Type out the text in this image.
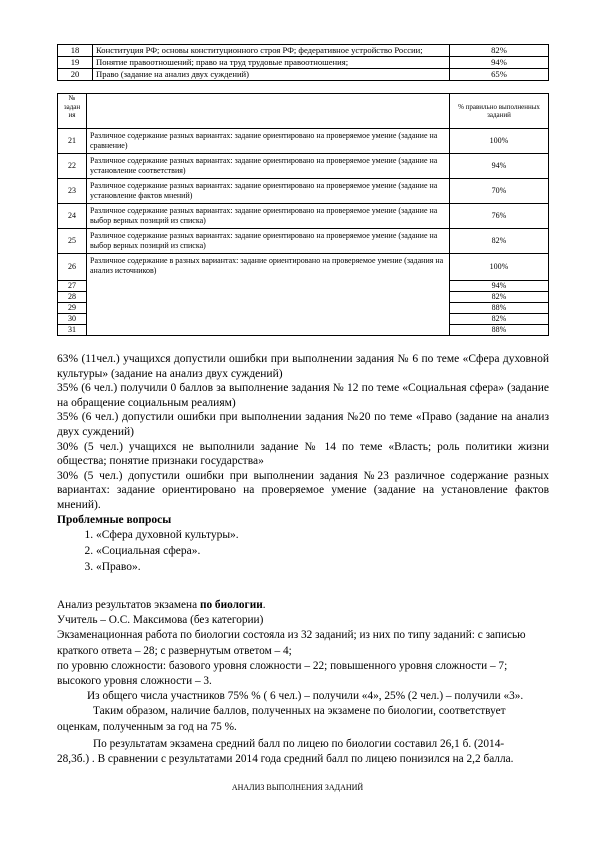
18	Конституция РФ; основы конституционного строя РФ; федеративное устройство России;	82%
19	Понятие правоотношений; право на труд трудовые правоотношения;	94%
20	Право (задание на анализ двух суждений)	65%
№ задан ия		% правильно выполненных заданий
21	Различное содержание разных вариантах: задание ориентировано на проверяемое умение (задание на сравнение)	100%
22	Различное содержание разных вариантах: задание ориентировано на проверяемое умение (задание на установление соответствия)	94%
23	Различное содержание разных вариантах: задание ориентировано на проверяемое умение (задание на установление фактов мнений)	70%
24	Различное содержание разных вариантах: задание ориентировано на проверяемое умение (задание на выбор верных позиций из списка)	76%
25	Различное содержание разных вариантах: задание ориентировано на проверяемое умение (задание на выбор верных позиций из списка)	82%
26	Различное содержание в разных вариантах: задание ориентировано на проверяемое умение (задания на анализ источников)	100%
27		94%
28		82%
29		88%
30		82%
31		88%

63% (11чел.) учащихся допустили ошибки при выполнении задания № 6 по теме «Сфера духовной культуры» (задание на анализ двух суждений)

35% (6 чел.) получили 0 баллов за выполнение задания № 12 по теме «Социальная сфера» (задание на обращение социальным реалиям)

35% (6 чел.) допустили ошибки при выполнении задания №20 по теме «Право (задание на анализ двух суждений)

30% (5 чел.) учащихся не выполнили задание № 14 по теме «Власть; роль политики жизни общества; понятие признаки государства»

30% (5 чел.) допустили ошибки при выполнении задания №23 различное содержание разных вариантах: задание ориентировано на проверяемое умение (задание на установление фактов мнений).

Проблемные вопросы

1. «Сфера духовной культуры».
2. «Социальная сфера».
3. «Право».

Анализ результатов экзамена по биологии.

Учитель – О.С. Максимова (без категории)

Экзаменационная работа по биологии состояла из 32 заданий; из них по типу заданий: с записью

краткого ответа – 28; с развернутым ответом – 4;

по уровню сложности: базового уровня сложности – 22; повышенного уровня сложности – 7;

высокого уровня сложности – 3.

Из общего числа участников 75% % ( 6 чел.) – получили «4», 25% (2 чел.) – получили «3».

Таким образом, наличие баллов, полученных на экзамене по биологии, соответствует

оценкам, полученным за год на 75 %.

По результатам экзамена средний балл по лицею по биологии составил 26,1 б. (2014-

28,3б.) . В сравнении с результатами 2014 года средний балл по лицею понизился на 2,2 балла.

АНАЛИЗ ВЫПОЛНЕНИЯ ЗАДАНИЙ
